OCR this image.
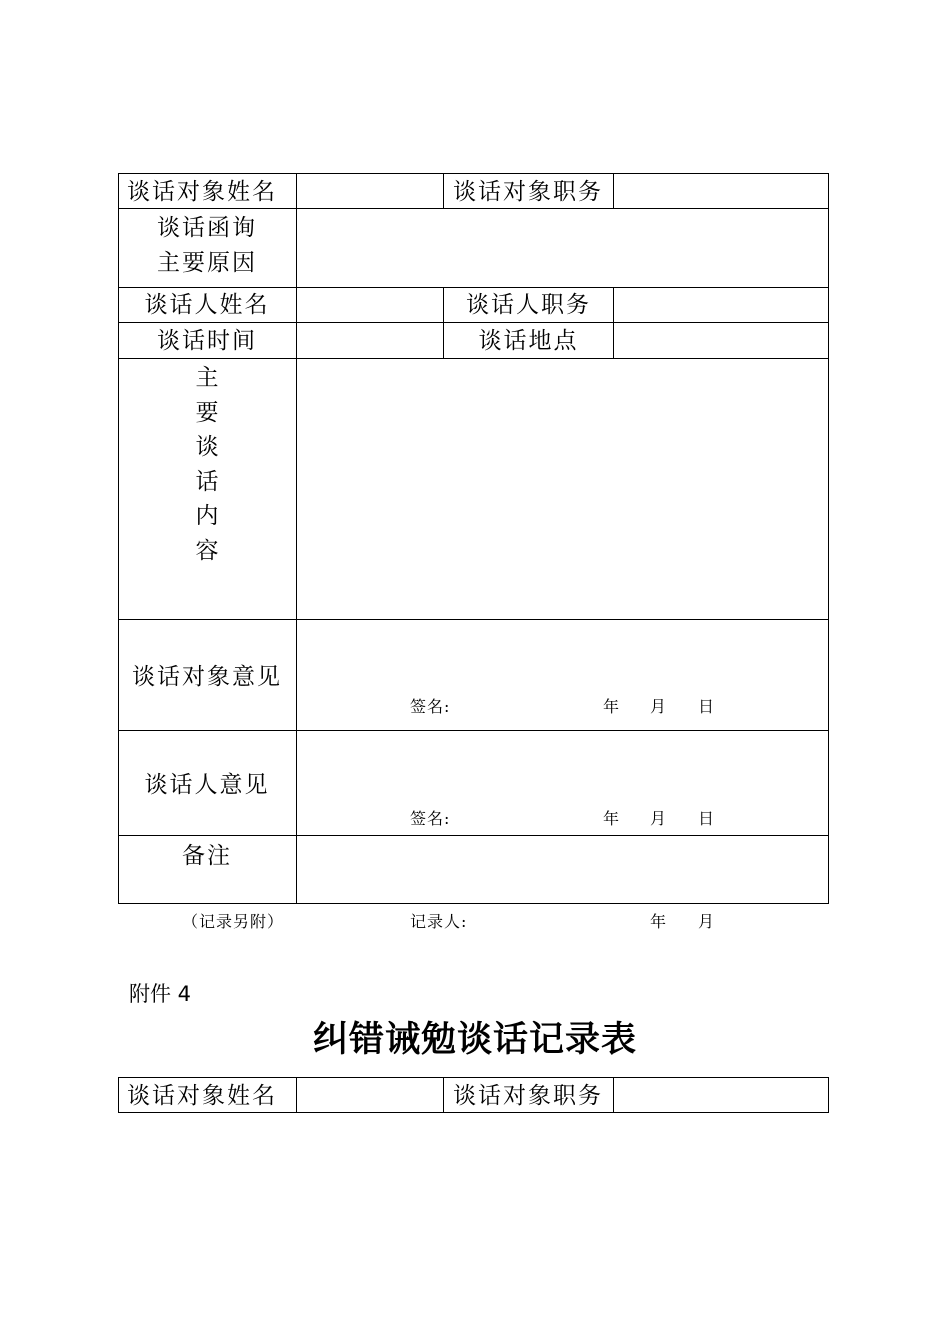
谈话对象姓名	谈话对象职务
谈话函询
主要原因
谈话人姓名	谈话人职务
谈话时间	谈话地点
主
要
谈
话
内
容
谈话对象意见
签名:	年 月 日
谈话人意见
签名:	年 月 日
备注
（记录另附）	记录人:	年 月
附件 4
纠错诫勉谈话记录表
谈话对象姓名	谈话对象职务
